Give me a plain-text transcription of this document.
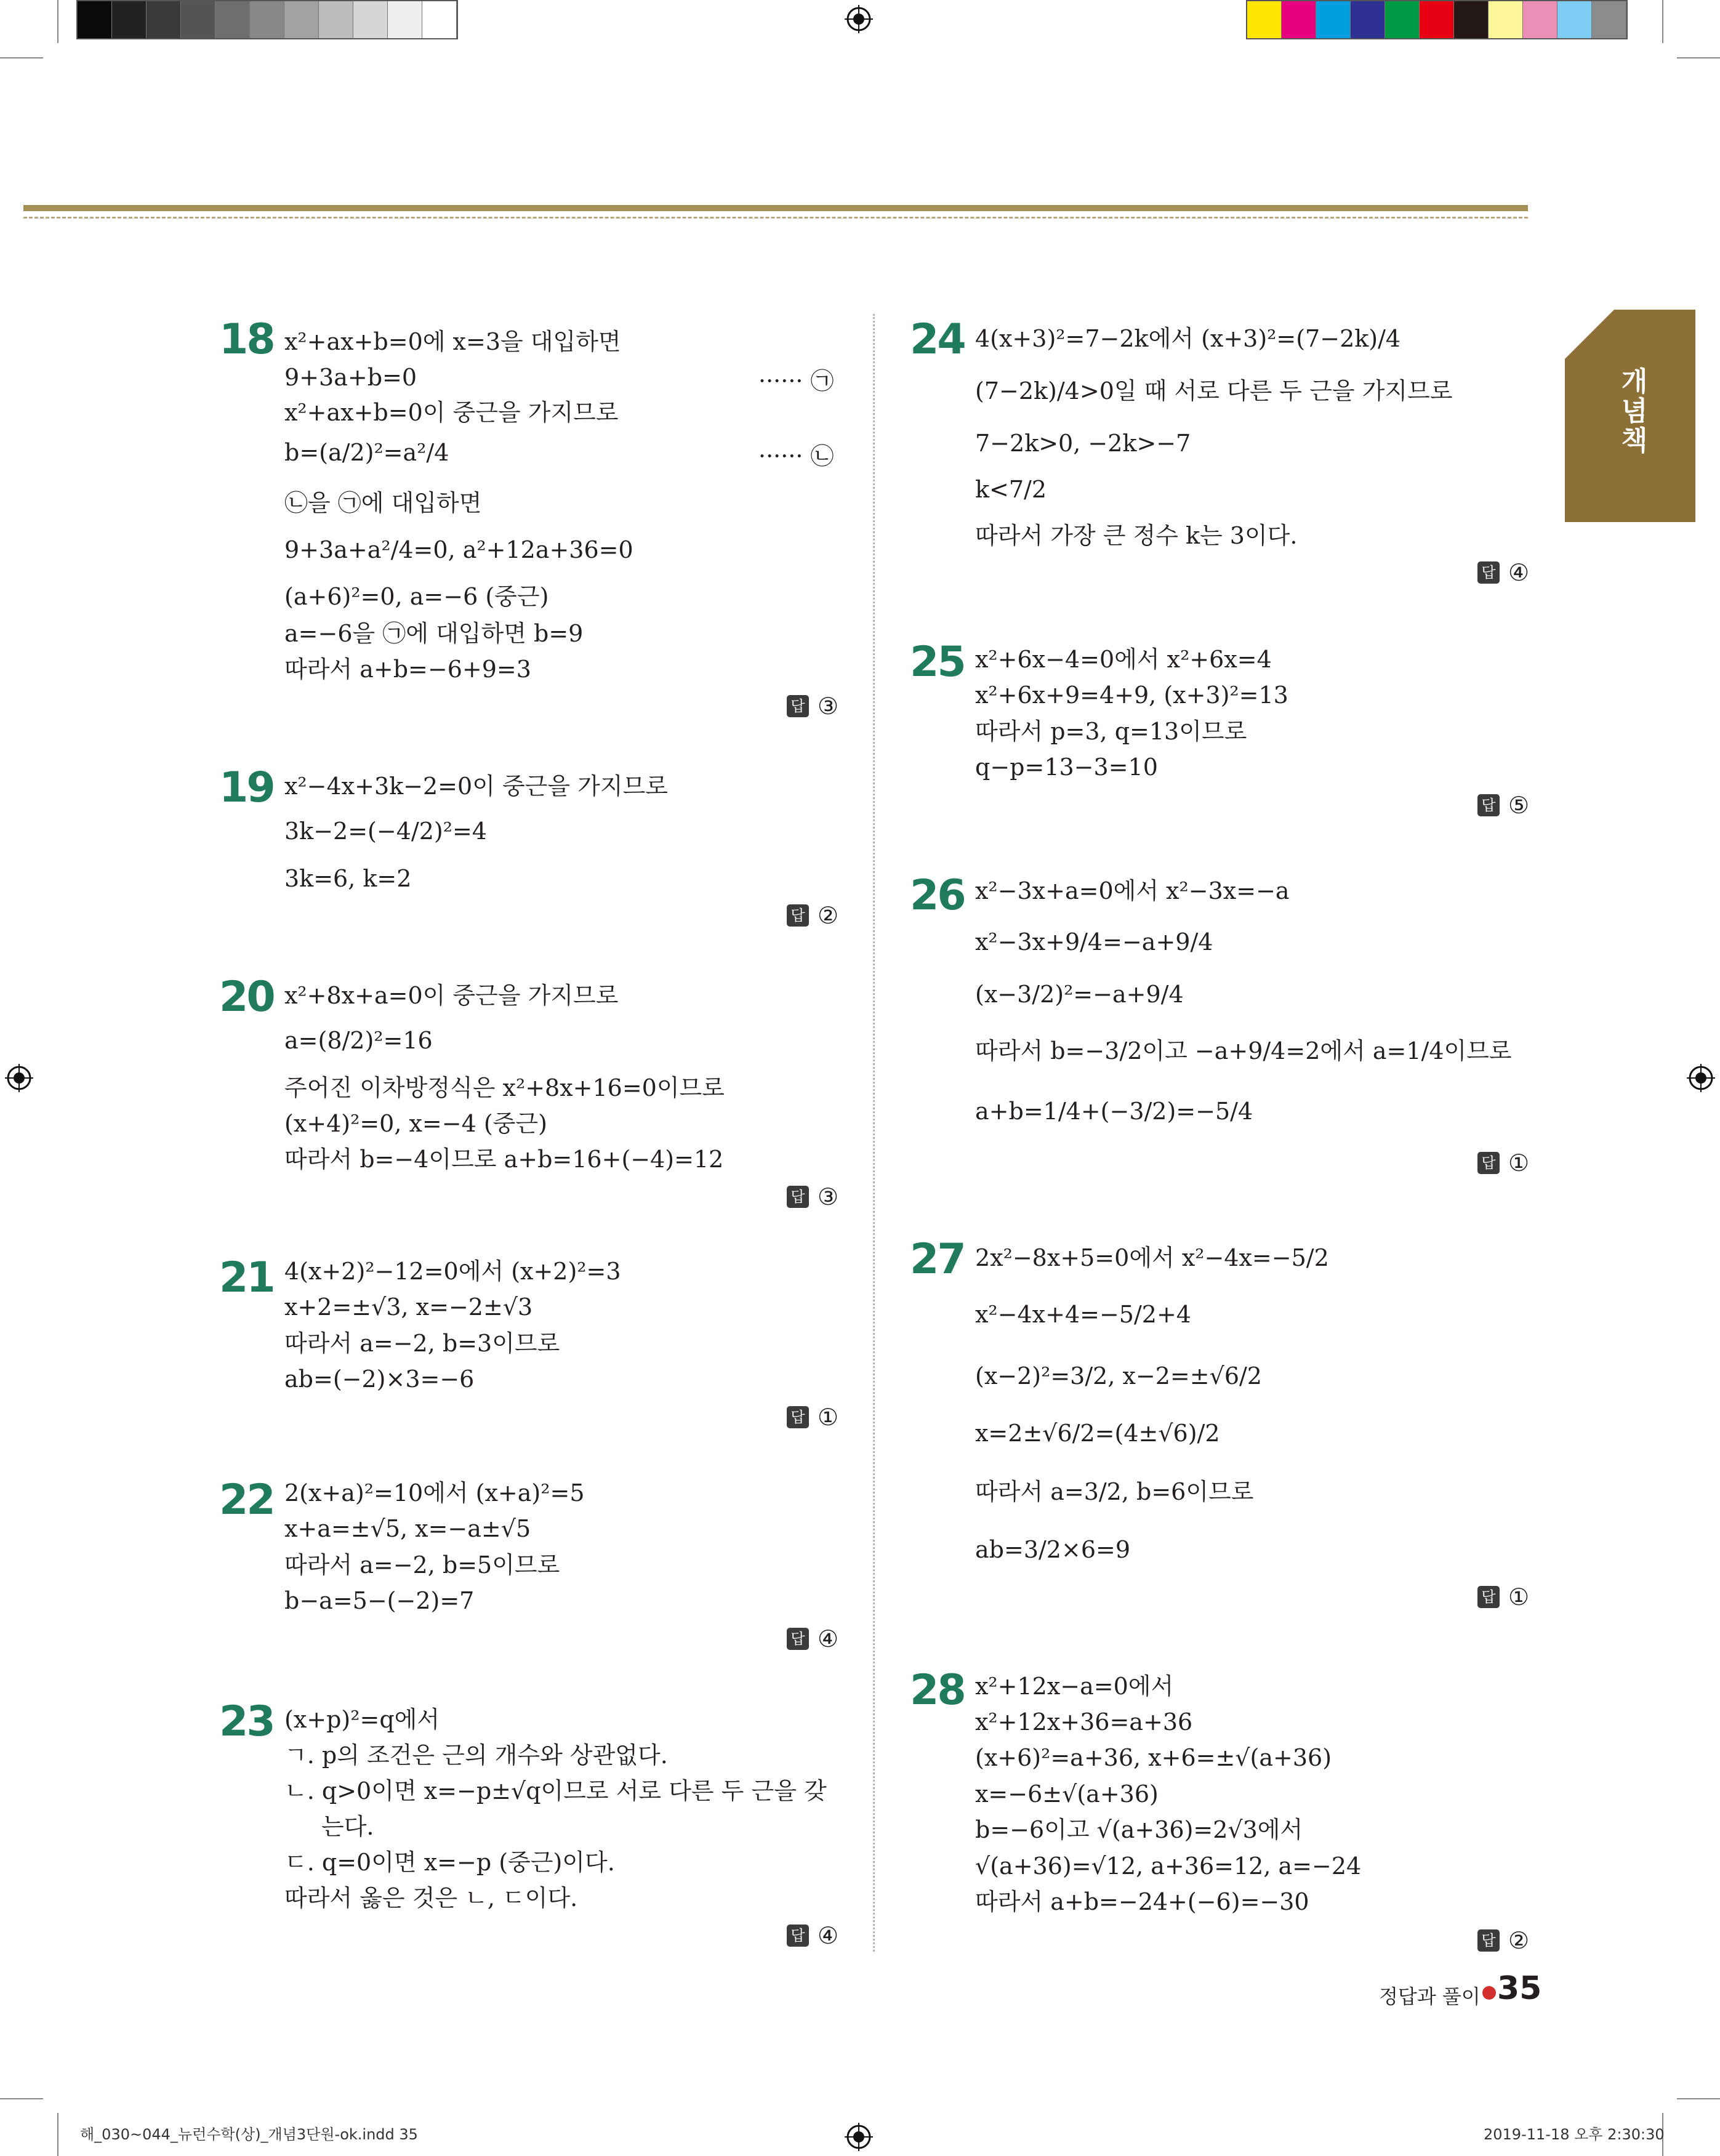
개념책
18 x²+ax+b=0에 x=3을 대입하면
9+3a+b=0
x²+ax+b=0이 중근을 가지므로
b=(a/2)²=a²/4
㉡을 ㉠에 대입하면
9+3a+a²/4=0, a²+12a+36=0
(a+6)²=0, a=−6 (중근)
a=−6을 ㉠에 대입하면 b=9
따라서 a+b=−6+9=3
답 ③
19 x²−4x+3k−2=0이 중근을 가지므로
3k−2=(−4/2)²=4
3k=6, k=2
답 ②
20 x²+8x+a=0이 중근을 가지므로
a=(8/2)²=16
주어진 이차방정식은 x²+8x+16=0이므로
(x+4)²=0, x=−4 (중근)
따라서 b=−4이므로 a+b=16+(−4)=12
답 ③
21 4(x+2)²−12=0에서 (x+2)²=3
x+2=±√3, x=−2±√3
따라서 a=−2, b=3이므로
ab=(−2)×3=−6
답 ①
22 2(x+a)²=10에서 (x+a)²=5
x+a=±√5, x=−a±√5
따라서 a=−2, b=5이므로
b−a=5−(−2)=7
답 ④
23 (x+p)²=q에서
ㄱ. p의 조건은 근의 개수와 상관없다.
ㄴ. q>0이면 x=−p±√q이므로 서로 다른 두 근을 갖
는다.
ㄷ. q=0이면 x=−p (중근)이다.
따라서 옳은 것은 ㄴ, ㄷ이다.
답 ④
24 4(x+3)²=7−2k에서 (x+3)²=(7−2k)/4
(7−2k)/4>0일 때 서로 다른 두 근을 가지므로
7−2k>0, −2k>−7
k<7/2
따라서 가장 큰 정수 k는 3이다.
답 ④
25 x²+6x−4=0에서 x²+6x=4
x²+6x+9=4+9, (x+3)²=13
따라서 p=3, q=13이므로
q−p=13−3=10
답 ⑤
26 x²−3x+a=0에서 x²−3x=−a
x²−3x+9/4=−a+9/4
(x−3/2)²=−a+9/4
따라서 b=−3/2이고 −a+9/4=2에서 a=1/4이므로
a+b=1/4+(−3/2)=−5/4
답 ①
27 2x²−8x+5=0에서 x²−4x=−5/2
x²−4x+4=−5/2+4
(x−2)²=3/2, x−2=±√6/2
x=2±√6/2=(4±√6)/2
따라서 a=3/2, b=6이므로
ab=3/2×6=9
답 ①
28 x²+12x−a=0에서
x²+12x+36=a+36
(x+6)²=a+36, x+6=±√(a+36)
x=−6±√(a+36)
b=−6이고 √(a+36)=2√3에서
√(a+36)=√12, a+36=12, a=−24
따라서 a+b=−24+(−6)=−30
답 ②
······ ㉠
······ ㉡
정답과 풀이 35
해_030~044_뉴런수학(상)_개념3단원-ok.indd 35	2019-11-18 오후 2:30:30
